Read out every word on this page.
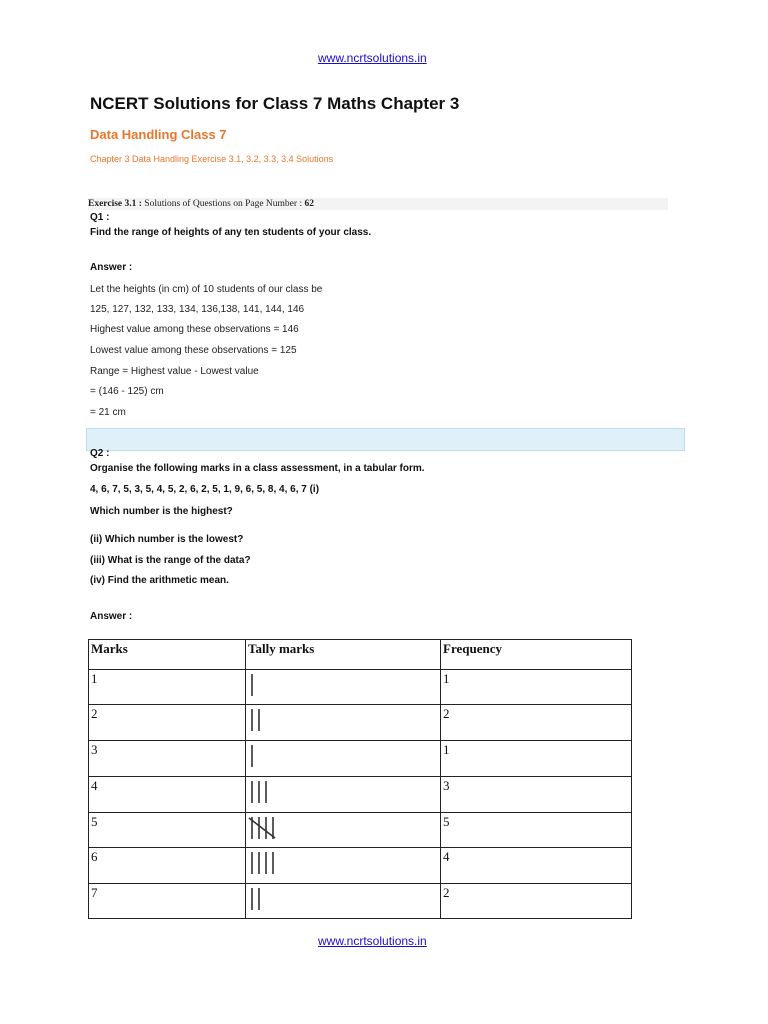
www.ncrtsolutions.in
NCERT Solutions for Class 7 Maths Chapter 3
Data Handling Class 7
Chapter 3 Data Handling Exercise 3.1, 3.2, 3.3, 3.4 Solutions
Exercise 3.1 : Solutions of Questions on Page Number : 62
Q1 :
Find the range of heights of any ten students of your class.
Answer :
Let the heights (in cm) of 10 students of our class be
125, 127, 132, 133, 134, 136,138, 141, 144, 146
Highest value among these observations = 146
Lowest value among these observations = 125
Range = Highest value - Lowest value
= (146 - 125) cm
= 21 cm
Q2 :
Organise the following marks in a class assessment, in a tabular form.
4, 6, 7, 5, 3, 5, 4, 5, 2, 6, 2, 5, 1, 9, 6, 5, 8, 4, 6, 7 (i)
Which number is the highest?
(ii) Which number is the lowest?
(iii) What is the range of the data?
(iv) Find the arithmetic mean.
Answer :
Marks	Tally marks	Frequency
1		1
2		2
3		1
4		3
5		5
6		4
7		2
www.ncrtsolutions.in
